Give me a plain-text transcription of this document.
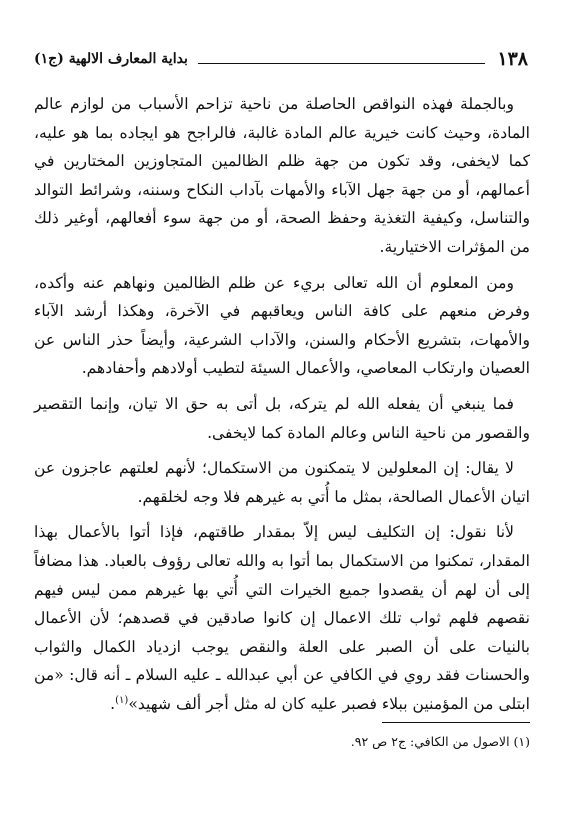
١٣٨
بداية المعارف الالهية (ج١)

وبالجملة فهذه النواقص الحاصلة من ناحية تزاحم الأسباب من لوازم عالم المادة، وحيث كانت خيرية عالم المادة غالبة، فالراجح هو ايجاده بما هو عليه، كما لايخفى، وقد تكون من جهة ظلم الظالمين المتجاوزين المختارين في أعمالهم، أو من جهة جهل الآباء والأمهات بآداب النكاح وسننه، وشرائط التوالد والتناسل، وكيفية التغذية وحفظ الصحة، أو من جهة سوء أفعالهم، أوغير ذلك من المؤثرات الاختيارية.

ومن المعلوم أن الله تعالى بريء عن ظلم الظالمين ونهاهم عنه وأكده، وفرض منعهم على كافة الناس ويعاقبهم في الآخرة، وهكذا أرشد الآباء والأمهات، بتشريع الأحكام والسنن، والآداب الشرعية، وأيضاً حذر الناس عن العصيان وارتكاب المعاصي، والأعمال السيئة لتطيب أولادهم وأحفادهم.

فما ينبغي أن يفعله الله لم يتركه، بل أتى به حق الا تيان، وإنما التقصير والقصور من ناحية الناس وعالم المادة كما لايخفى.

لا يقال: إن المعلولين لا يتمكنون من الاستكمال؛ لأنهم لعلتهم عاجزون عن اتيان الأعمال الصالحة، بمثل ما أُتي به غيرهم فلا وجه لخلقهم.

لأنا نقول: إن التكليف ليس إلاّ بمقدار طاقتهم، فإذا أتوا بالأعمال بهذا المقدار، تمكنوا من الاستكمال بما أتوا به والله تعالى رؤوف بالعباد. هذا مضافاً إلى أن لهم أن يقصدوا جميع الخيرات التي أُتي بها غيرهم ممن ليس فيهم نقصهم فلهم ثواب تلك الاعمال إن كانوا صادقين في قصدهم؛ لأن الأعمال بالنيات على أن الصبر على العلة والنقص يوجب ازدياد الكمال والثواب والحسنات فقد روي في الكافي عن أبي عبدالله ـ عليه السلام ـ أنه قال: «من ابتلى من المؤمنين ببلاء فصبر عليه كان له مثل أجر ألف شهيد»$^{(١)}$.

(١) الاصول من الكافي: ج٢ ص ٩٢.
